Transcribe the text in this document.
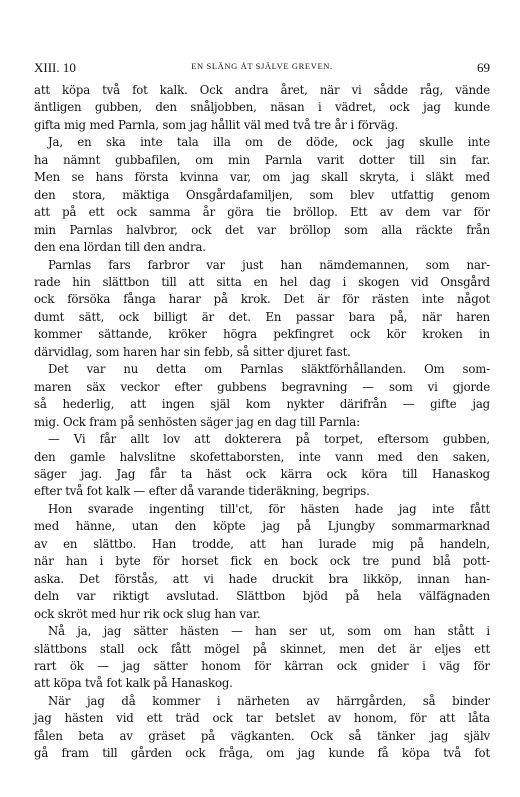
XIII. 10	EN SLÄNG ÅT SJÄLVE GREVEN.	69

att köpa två fot kalk. Ock andra året, när vi sådde råg, vände

äntligen gubben, den snåljobben, näsan i vädret, ock jag kunde

gifta mig med Parnla, som jag hållit väl med två tre år i förväg.

Ja, en ska inte tala illa om de döde, ock jag skulle inte

ha nämnt gubbafilen, om min Parnla varit dotter till sin far.

Men se hans första kvinna var, om jag skall skryta, i släkt med

den stora, mäktiga Onsgårdafamiljen, som blev utfattig genom

att på ett ock samma år göra tie bröllop. Ett av dem var för

min Parnlas halvbror, ock det var bröllop som alla räckte från

den ena lördan till den andra.

Parnlas fars farbror var just han nämdemannen, som nar-

rade hin slättbon till att sitta en hel dag i skogen vid Onsgård

ock försöka fånga harar på krok. Det är för rästen inte något

dumt sätt, ock billigt är det. En passar bara på, när haren

kommer sättande, kröker högra pekfingret ock kör kroken in

därvidlag, som haren har sin febb, så sitter djuret fast.

Det var nu detta om Parnlas släktförhållanden. Om som-

maren säx veckor efter gubbens begravning — som vi gjorde

så hederlig, att ingen själ kom nykter därifrån — gifte jag

mig. Ock fram på senhösten säger jag en dag till Parnla:

— Vi får allt lov att dokterera på torpet, eftersom gubben,

den gamle halvslitne skofettaborsten, inte vann med den saken,

säger jag. Jag får ta häst ock kärra ock köra till Hanaskog

efter två fot kalk — efter då varande tideräkning, begrips.

Hon svarade ingenting till'ct, för hästen hade jag inte fått

med hänne, utan den köpte jag på Ljungby sommarmarknad

av en slättbo. Han trodde, att han lurade mig på handeln,

när han i byte för horset fick en bock ock tre pund blå pott-

aska. Det förstås, att vi hade druckit bra likköp, innan han-

deln var riktigt avslutad. Slättbon bjöd på hela välfägnaden

ock skröt med hur rik ock slug han var.

Nå ja, jag sätter hästen — han ser ut, som om han stått i

slättbons stall ock fått mögel på skinnet, men det är eljes ett

rart ök — jag sätter honom för kärran ock gnider i väg för

att köpa två fot kalk på Hanaskog.

När jag då kommer i närheten av härrgården, så binder

jag hästen vid ett träd ock tar betslet av honom, för att låta

fålen beta av gräset på vägkanten. Ock så tänker jag själv

gå fram till gården ock fråga, om jag kunde få köpa två fot
